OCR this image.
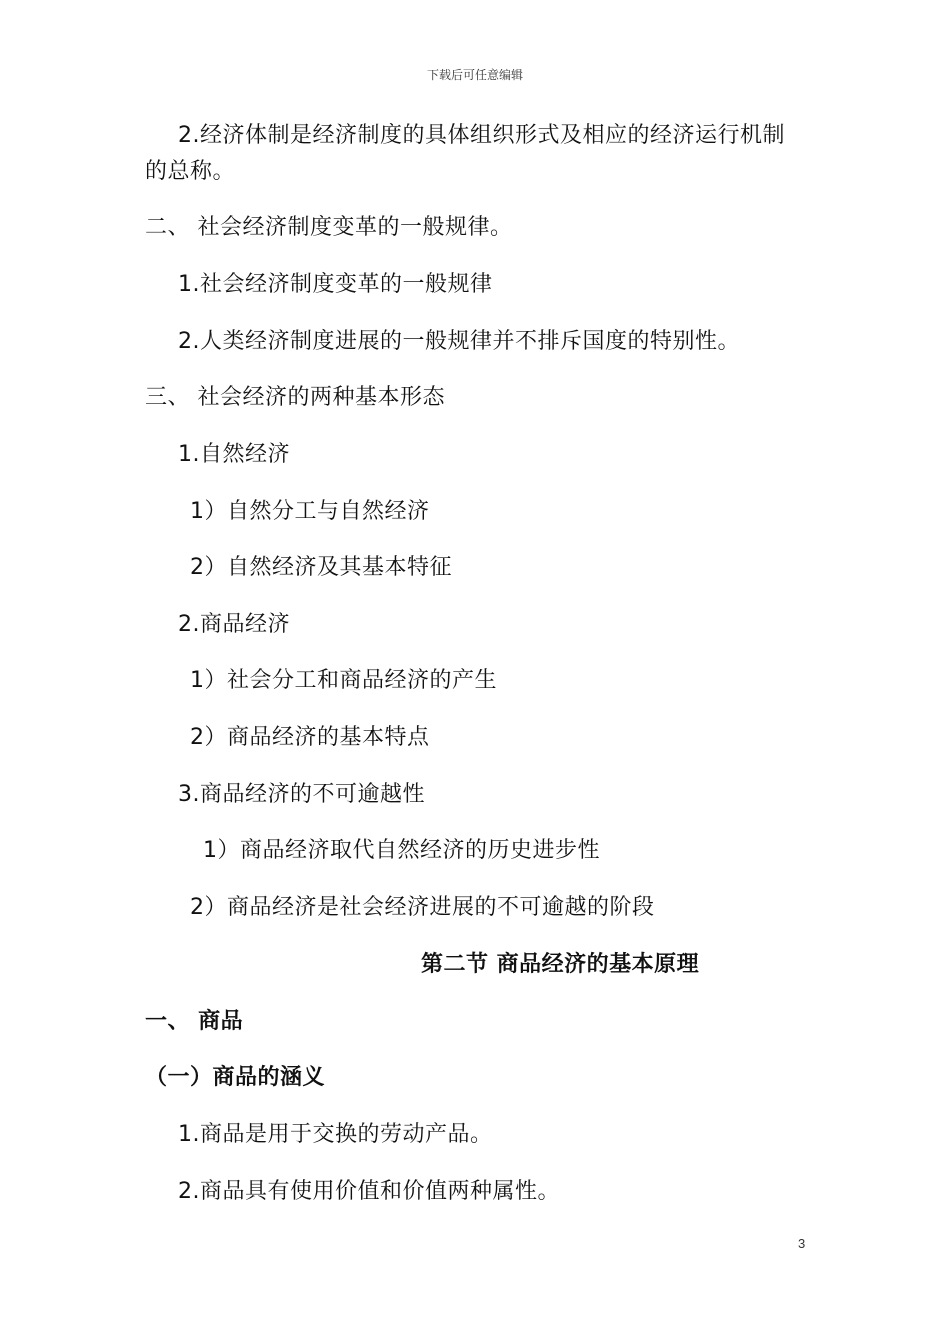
下载后可任意编辑
2.经济体制是经济制度的具体组织形式及相应的经济运行机制
的总称。
二、 社会经济制度变革的一般规律。
1.社会经济制度变革的一般规律
2.人类经济制度进展的一般规律并不排斥国度的特别性。
三、 社会经济的两种基本形态
1.自然经济
1）自然分工与自然经济
2）自然经济及其基本特征
2.商品经济
1）社会分工和商品经济的产生
2）商品经济的基本特点
3.商品经济的不可逾越性
1）商品经济取代自然经济的历史进步性
2）商品经济是社会经济进展的不可逾越的阶段
第二节 商品经济的基本原理
一、 商品
（一）商品的涵义
1.商品是用于交换的劳动产品。
2.商品具有使用价值和价值两种属性。
3
